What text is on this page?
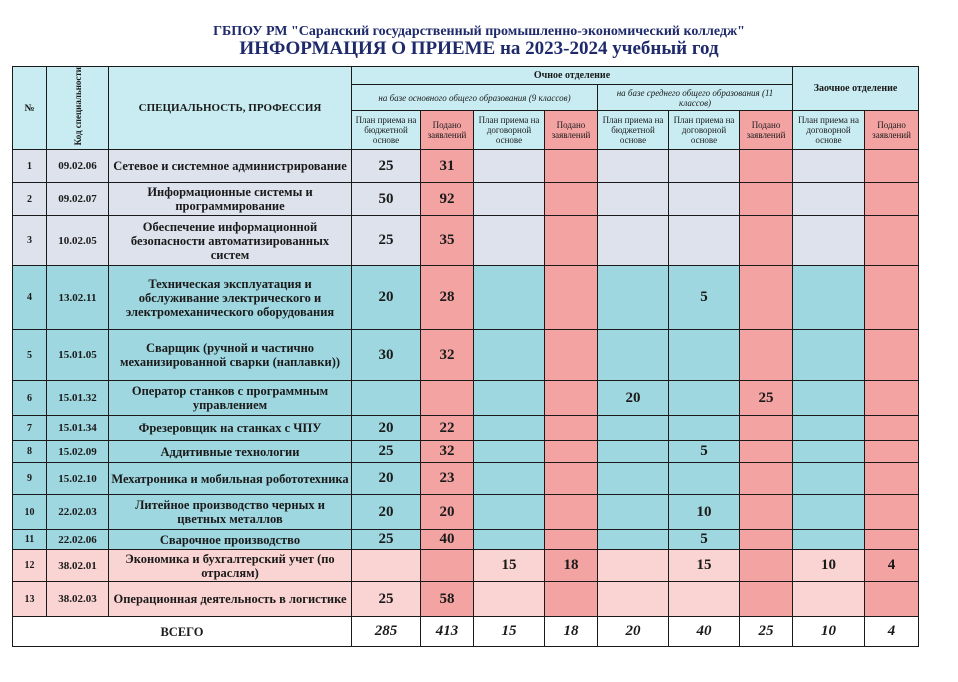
ГБПОУ РМ "Саранский государственный промышленно-экономический колледж"
ИНФОРМАЦИЯ О ПРИЕМЕ на 2023-2024 учебный год
№	Код специальности	СПЕЦИАЛЬНОСТЬ, ПРОФЕССИЯ	Очное отделение							Заочное отделение	
			на базе основного общего образования (9 классов)				на базе среднего общего образования (11 классов)				
			План приема на бюджетной основе	Подано заявлений	План приема на договорной основе	Подано заявлений	План приема на бюджетной основе	План приема на договорной основе	Подано заявлений	План приема на договорной основе	Подано заявлений
1	09.02.06	Сетевое и системное администрирование	25	31							
2	09.02.07	Информационные системы и программирование	50	92							
3	10.02.05	Обеспечение информационной безопасности автоматизированных систем	25	35							
4	13.02.11	Техническая эксплуатация и обслуживание электрического и электромеханического оборудования	20	28				5			
5	15.01.05	Сварщик (ручной и частично механизированной сварки (наплавки))	30	32							
6	15.01.32	Оператор станков с программным управлением					20		25		
7	15.01.34	Фрезеровщик на станках с ЧПУ	20	22							
8	15.02.09	Аддитивные технологии	25	32				5			
9	15.02.10	Мехатроника и мобильная робототехника	20	23							
10	22.02.03	Литейное производство черных и цветных металлов	20	20				10			
11	22.02.06	Сварочное производство	25	40				5			
12	38.02.01	Экономика и бухгалтерский учет (по отраслям)			15	18		15		10	4
13	38.02.03	Операционная деятельность в логистике	25	58							
ВСЕГО			285	413	15	18	20	40	25	10	4
